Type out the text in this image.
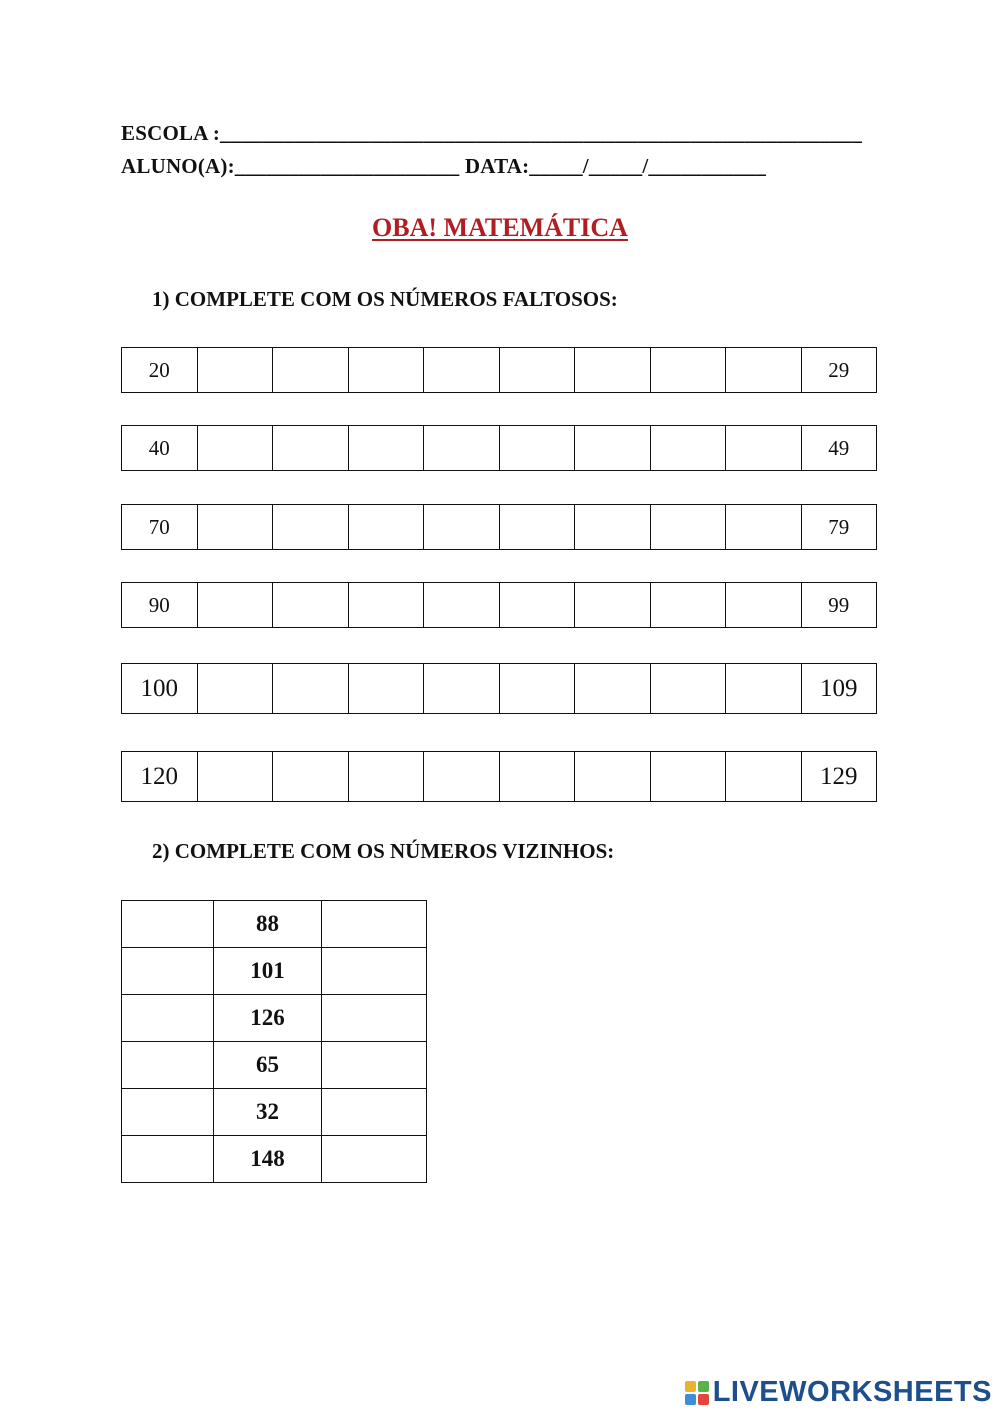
ESCOLA :____________________________________________________________
ALUNO(A):_____________________ DATA:_____/_____/___________
OBA! MATEMÁTICA
1) COMPLETE COM OS NÚMEROS FALTOSOS:
20									29
40									49
70									79
90									99
100									109
120									129
2) COMPLETE COM OS NÚMEROS VIZINHOS:
	88	
	101	
	126	
	65	
	32	
	148	
LIVEWORKSHEETS
